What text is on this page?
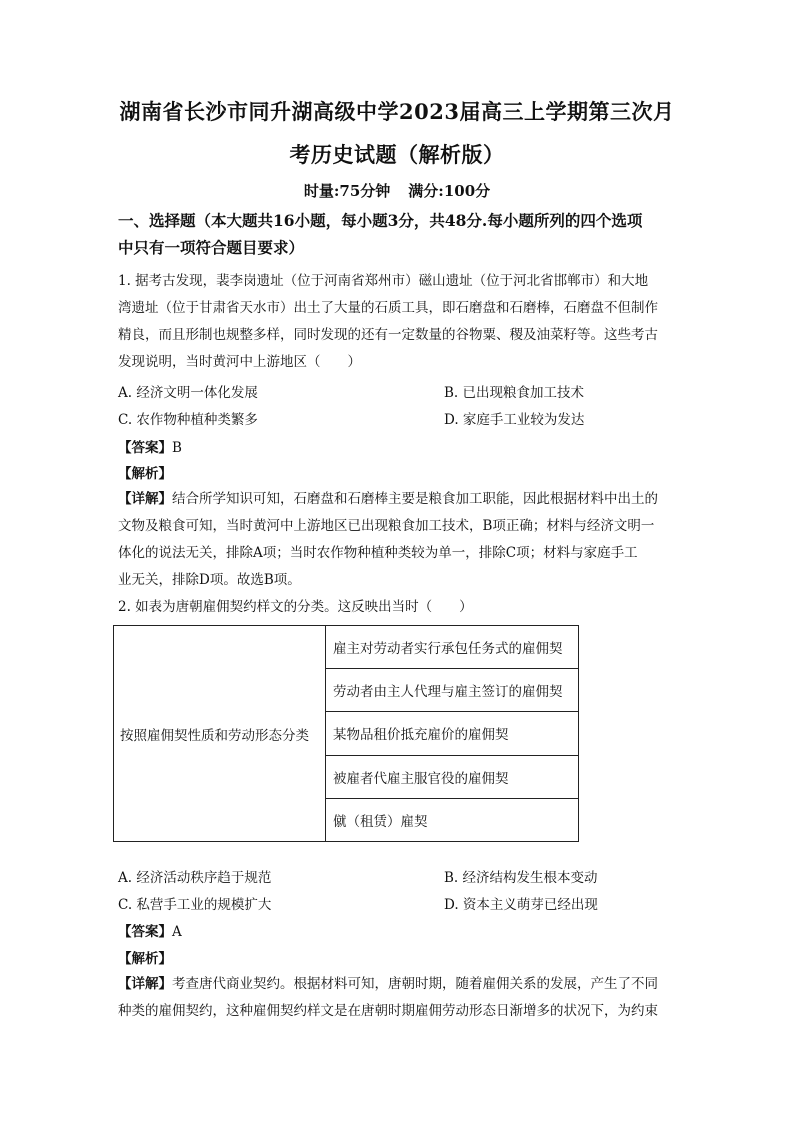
湖南省长沙市同升湖高级中学2023届高三上学期第三次月
考历史试题（解析版）
时量:75分钟 满分:100分
一、选择题（本大题共16小题，每小题3分，共48分.每小题所列的四个选项
中只有一项符合题目要求）
1. 据考古发现，裴李岗遗址（位于河南省郑州市）磁山遗址（位于河北省邯郸市）和大地
湾遗址（位于甘肃省天水市）出土了大量的石质工具，即石磨盘和石磨棒，石磨盘不但制作
精良，而且形制也规整多样，同时发现的还有一定数量的谷物粟、稷及油菜籽等。这些考古
发现说明，当时黄河中上游地区（　　）
A. 经济文明一体化发展	B. 已出现粮食加工技术
C. 农作物种植种类繁多	D. 家庭手工业较为发达
【答案】B
【解析】
【详解】结合所学知识可知，石磨盘和石磨棒主要是粮食加工职能，因此根据材料中出土的
文物及粮食可知，当时黄河中上游地区已出现粮食加工技术，B项正确；材料与经济文明一
体化的说法无关，排除A项；当时农作物种植种类较为单一，排除C项；材料与家庭手工
业无关，排除D项。故选B项。
2. 如表为唐朝雇佣契约样文的分类。这反映出当时（　　）
按照雇佣契性质和劳动形态分类	雇主对劳动者实行承包任务式的雇佣契
劳动者由主人代理与雇主签订的雇佣契
某物品租价抵充雇价的雇佣契
被雇者代雇主服官役的雇佣契
僦（租赁）雇契
A. 经济活动秩序趋于规范	B. 经济结构发生根本变动
C. 私营手工业的规模扩大	D. 资本主义萌芽已经出现
【答案】A
【解析】
【详解】考查唐代商业契约。根据材料可知，唐朝时期，随着雇佣关系的发展，产生了不同
种类的雇佣契约，这种雇佣契约样文是在唐朝时期雇佣劳动形态日渐增多的状况下，为约束
